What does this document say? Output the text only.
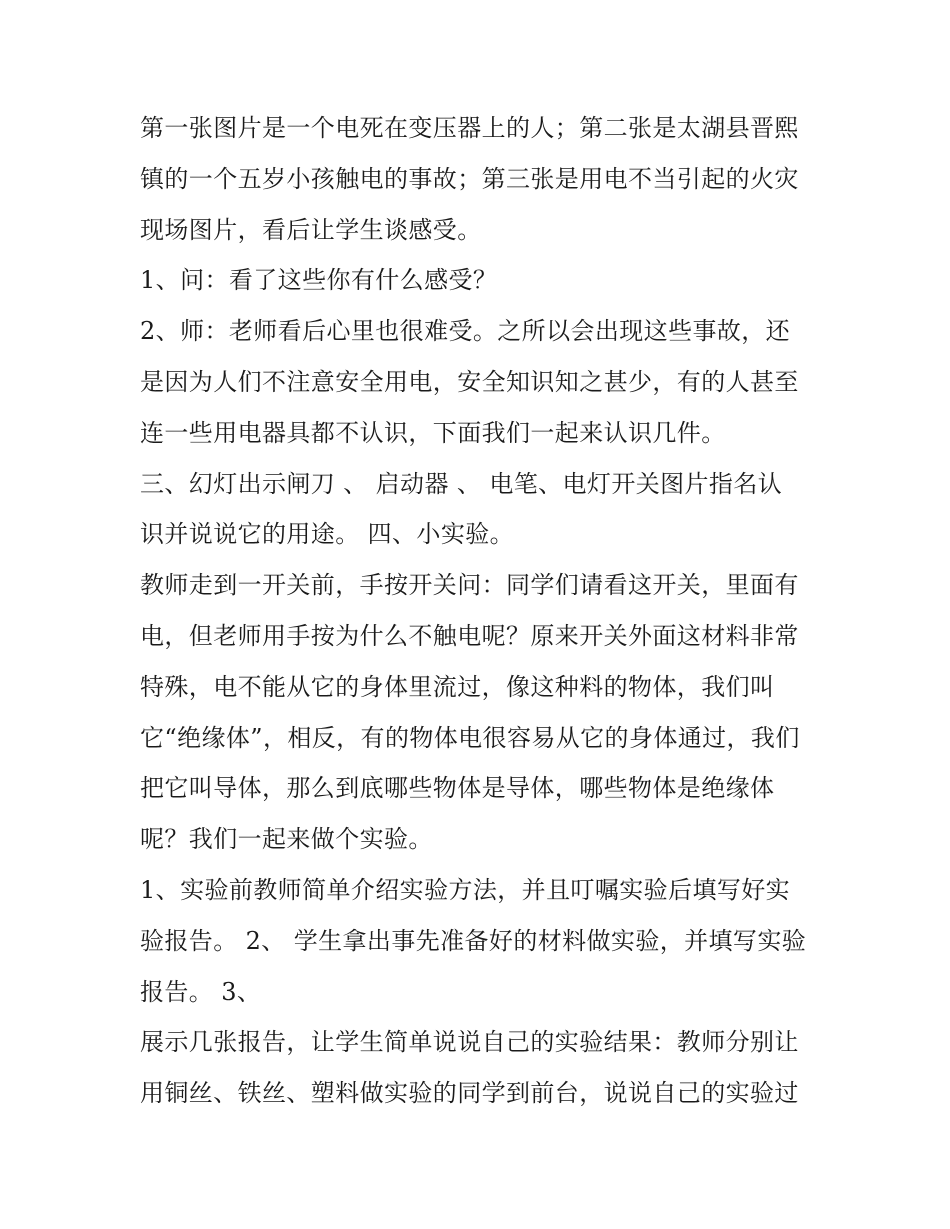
第一张图片是一个电死在变压器上的人；第二张是太湖县晋熙
镇的一个五岁小孩触电的事故；第三张是用电不当引起的火灾
现场图片，看后让学生谈感受。
1、问：看了这些你有什么感受？
2、师：老师看后心里也很难受。之所以会出现这些事故，还
是因为人们不注意安全用电，安全知识知之甚少，有的人甚至
连一些用电器具都不认识，下面我们一起来认识几件。
三、幻灯出示闸刀 、 启动器 、 电笔、电灯开关图片指名认
识并说说它的用途。 四、小实验。
教师走到一开关前，手按开关问：同学们请看这开关，里面有
电，但老师用手按为什么不触电呢？原来开关外面这材料非常
特殊，电不能从它的身体里流过，像这种料的物体，我们叫
它“绝缘体”，相反，有的物体电很容易从它的身体通过，我们
把它叫导体，那么到底哪些物体是导体，哪些物体是绝缘体
呢？我们一起来做个实验。
1、实验前教师简单介绍实验方法，并且叮嘱实验后填写好实
验报告。 2、 学生拿出事先准备好的材料做实验，并填写实验
报告。 3、
展示几张报告，让学生简单说说自己的实验结果：教师分别让
用铜丝、铁丝、塑料做实验的同学到前台，说说自己的实验过
